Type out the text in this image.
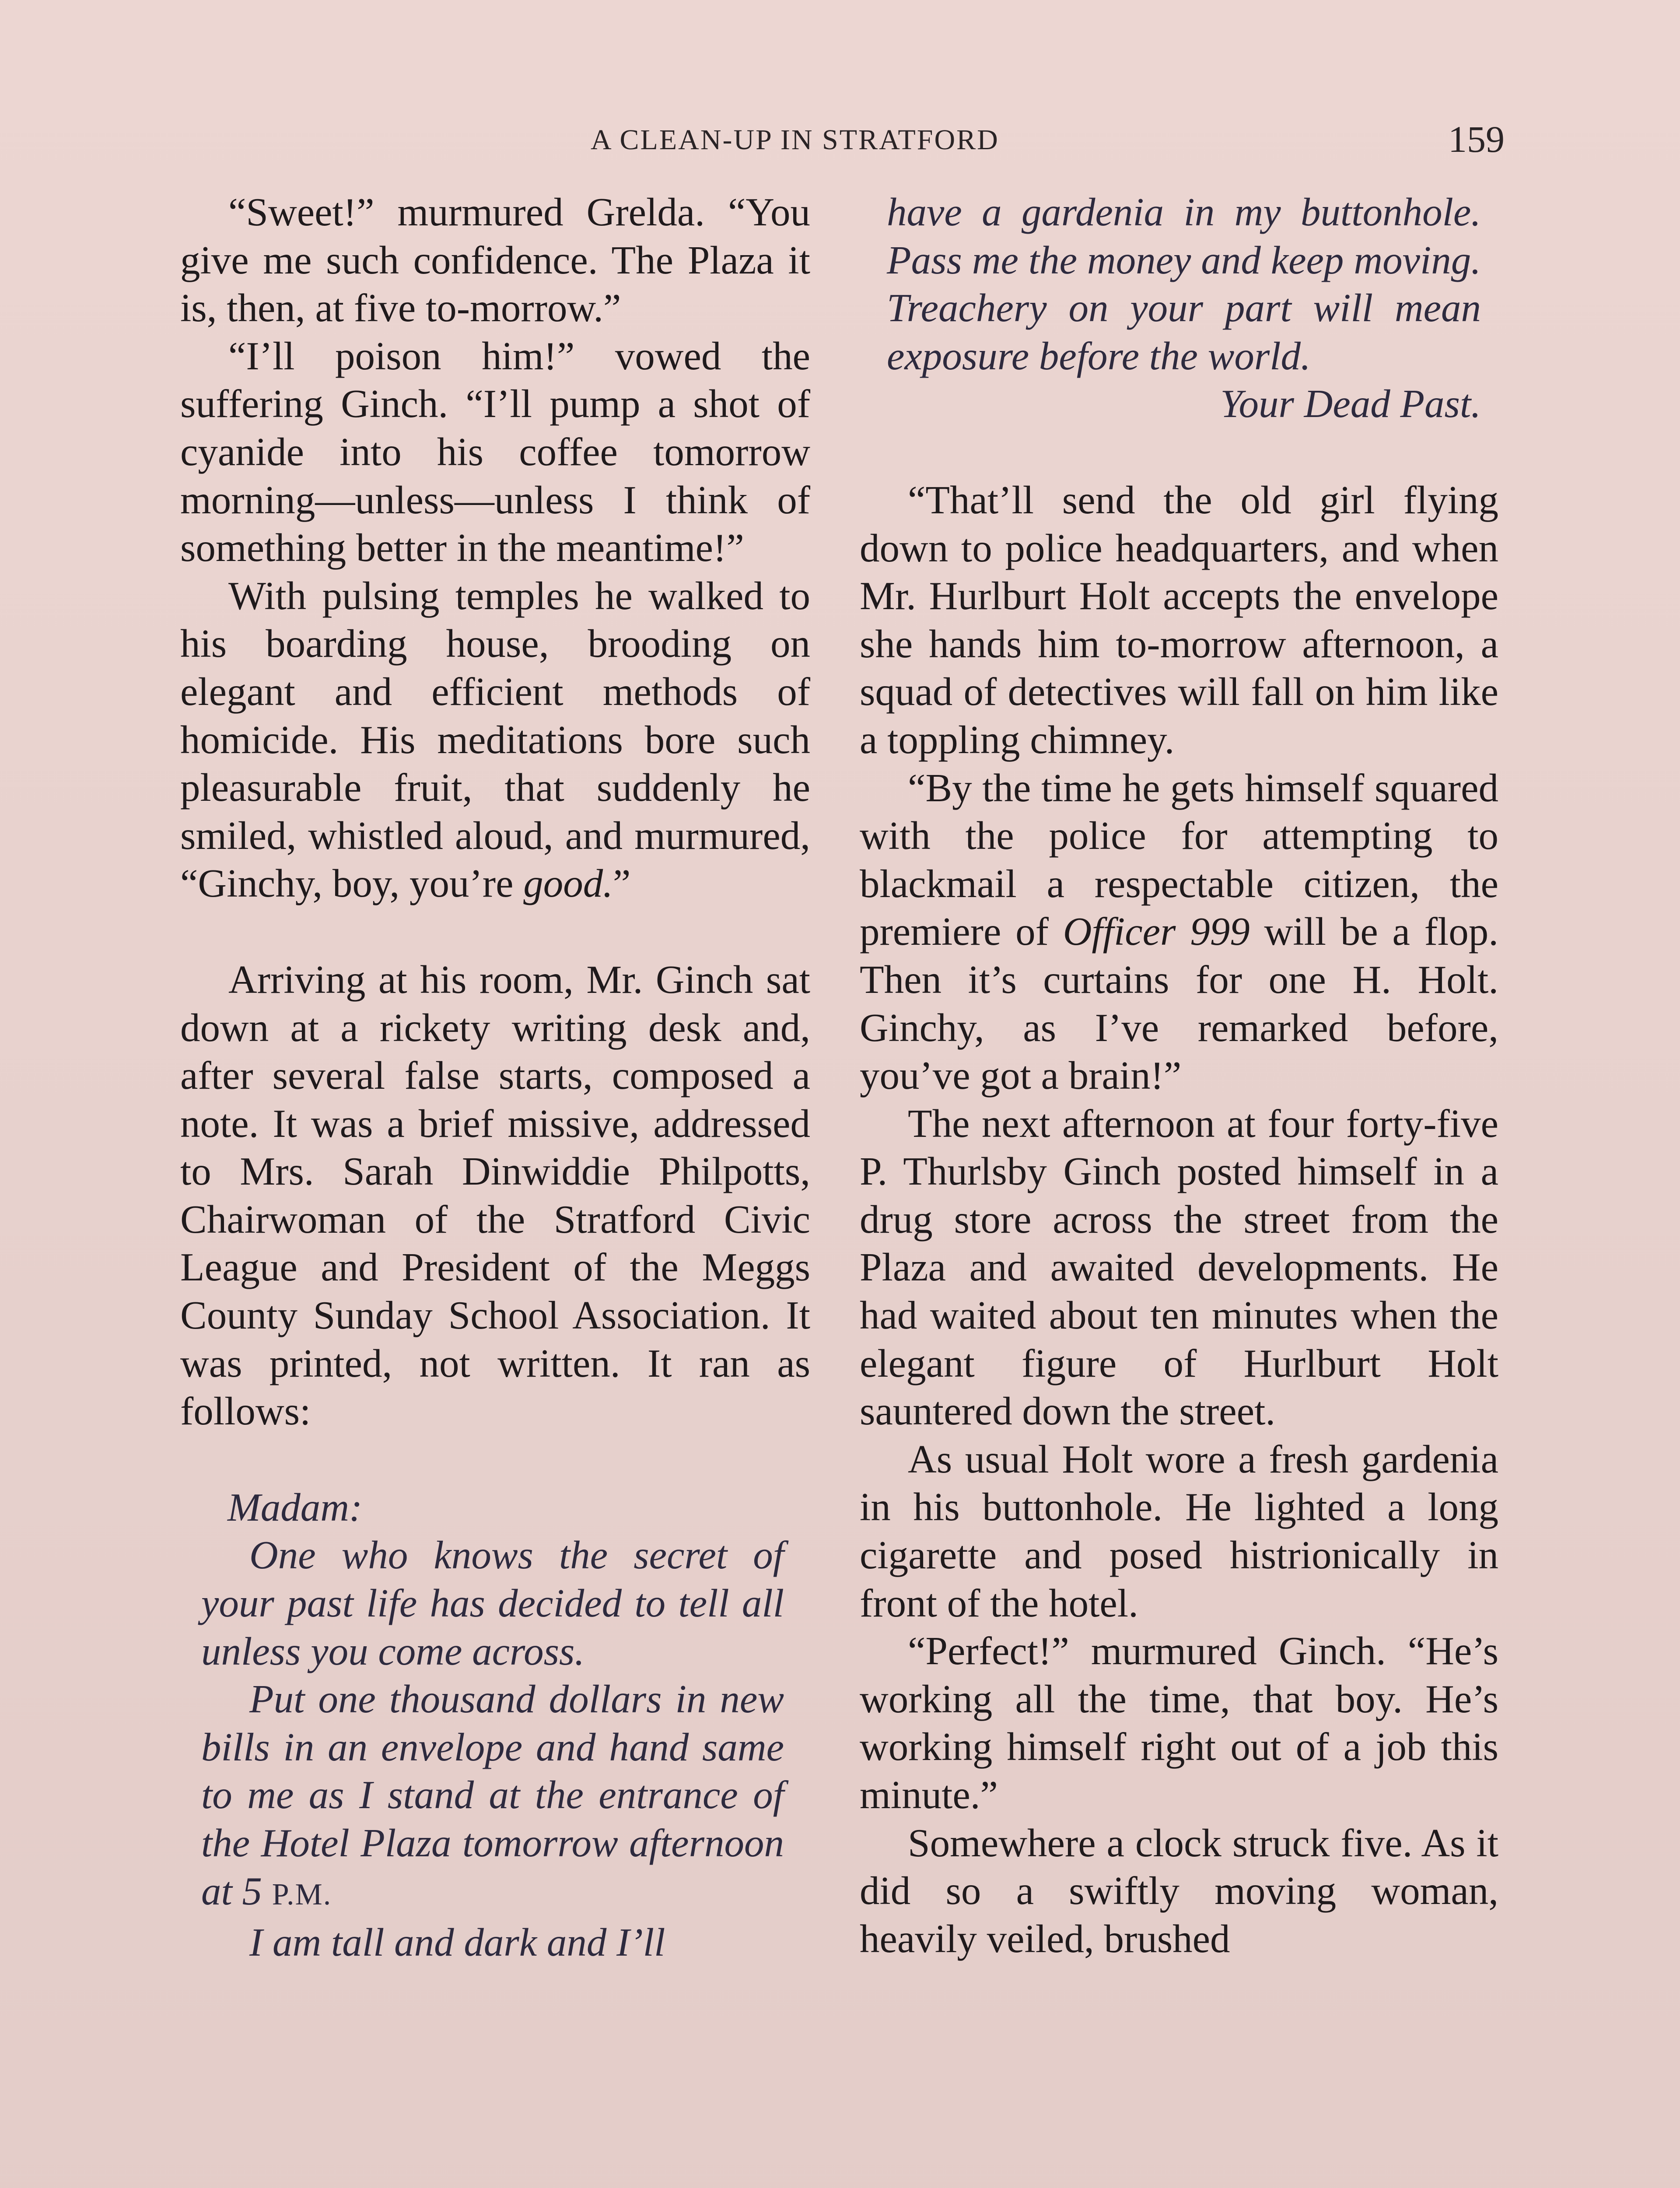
A CLEAN-UP IN STRATFORD	159

“Sweet!” murmured Grelda. “You give me such confidence. The Plaza it is, then, at five to-morrow.”

“I’ll poison him!” vowed the suffering Ginch. “I’ll pump a shot of cyanide into his coffee tomorrow morning—unless—unless I think of something better in the meantime!”

With pulsing temples he walked to his boarding house, brooding on elegant and efficient methods of homicide. His meditations bore such pleasurable fruit, that suddenly he smiled, whistled aloud, and murmured, “Ginchy, boy, you’re good.”

Arriving at his room, Mr. Ginch sat down at a rickety writing desk and, after several false starts, composed a note. It was a brief missive, addressed to Mrs. Sarah Dinwiddie Philpotts, Chairwoman of the Stratford Civic League and President of the Meggs County Sunday School Association. It was printed, not written. It ran as follows:

Madam:

One who knows the secret of your past life has decided to tell all unless you come across.

Put one thousand dollars in new bills in an envelope and hand same to me as I stand at the entrance of the Hotel Plaza tomorrow afternoon at 5 P.M.

I am tall and dark and I’ll

have a gardenia in my buttonhole. Pass me the money and keep moving. Treachery on your part will mean exposure before the world.

Your Dead Past.

“That’ll send the old girl flying down to police headquarters, and when Mr. Hurlburt Holt accepts the envelope she hands him to-morrow afternoon, a squad of detectives will fall on him like a toppling chimney.

“By the time he gets himself squared with the police for attempting to blackmail a respectable citizen, the premiere of Officer 999 will be a flop. Then it’s curtains for one H. Holt. Ginchy, as I’ve remarked before, you’ve got a brain!”

The next afternoon at four forty-five P. Thurlsby Ginch posted himself in a drug store across the street from the Plaza and awaited developments. He had waited about ten minutes when the elegant figure of Hurlburt Holt sauntered down the street.

As usual Holt wore a fresh gardenia in his buttonhole. He lighted a long cigarette and posed histrionically in front of the hotel.

“Perfect!” murmured Ginch. “He’s working all the time, that boy. He’s working himself right out of a job this minute.”

Somewhere a clock struck five. As it did so a swiftly moving woman, heavily veiled, brushed
